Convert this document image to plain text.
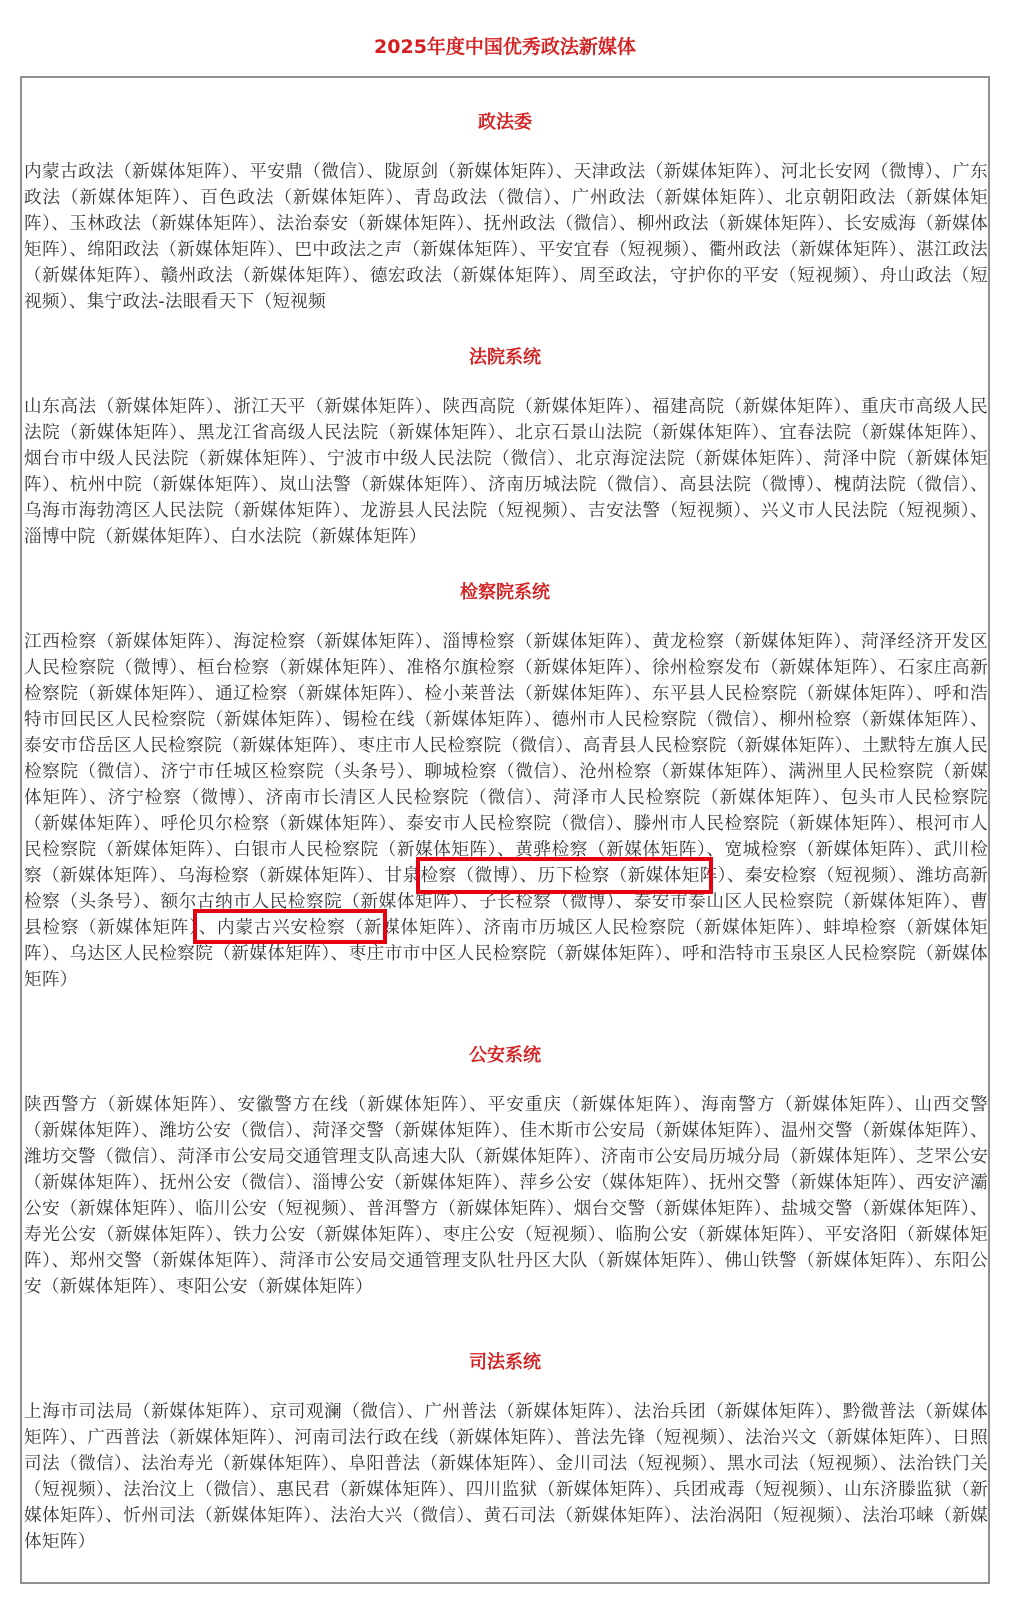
2025年度中国优秀政法新媒体
政法委
内蒙古政法（新媒体矩阵）、平安鼎（微信）、陇原剑（新媒体矩阵）、天津政法（新媒体矩阵）、河北长安网（微博）、广东政法（新媒体矩阵）、百色政法（新媒体矩阵）、青岛政法（微信）、广州政法（新媒体矩阵）、北京朝阳政法（新媒体矩阵）、玉林政法（新媒体矩阵）、法治泰安（新媒体矩阵）、抚州政法（微信）、柳州政法（新媒体矩阵）、长安威海（新媒体矩阵）、绵阳政法（新媒体矩阵）、巴中政法之声（新媒体矩阵）、平安宜春（短视频）、衢州政法（新媒体矩阵）、湛江政法（新媒体矩阵）、赣州政法（新媒体矩阵）、德宏政法（新媒体矩阵）、周至政法，守护你的平安（短视频）、舟山政法（短视频）、集宁政法-法眼看天下（短视频
法院系统
山东高法（新媒体矩阵）、浙江天平（新媒体矩阵）、陕西高院（新媒体矩阵）、福建高院（新媒体矩阵）、重庆市高级人民法院（新媒体矩阵）、黑龙江省高级人民法院（新媒体矩阵）、北京石景山法院（新媒体矩阵）、宜春法院（新媒体矩阵）、烟台市中级人民法院（新媒体矩阵）、宁波市中级人民法院（微信）、北京海淀法院（新媒体矩阵）、菏泽中院（新媒体矩阵）、杭州中院（新媒体矩阵）、岚山法警（新媒体矩阵）、济南历城法院（微信）、高县法院（微博）、槐荫法院（微信）、乌海市海勃湾区人民法院（新媒体矩阵）、龙游县人民法院（短视频）、吉安法警（短视频）、兴义市人民法院（短视频）、淄博中院（新媒体矩阵）、白水法院（新媒体矩阵）
检察院系统
江西检察（新媒体矩阵）、海淀检察（新媒体矩阵）、淄博检察（新媒体矩阵）、黄龙检察（新媒体矩阵）、菏泽经济开发区人民检察院（微博）、桓台检察（新媒体矩阵）、准格尔旗检察（新媒体矩阵）、徐州检察发布（新媒体矩阵）、石家庄高新检察院（新媒体矩阵）、通辽检察（新媒体矩阵）、检小莱普法（新媒体矩阵）、东平县人民检察院（新媒体矩阵）、呼和浩特市回民区人民检察院（新媒体矩阵）、锡检在线（新媒体矩阵）、德州市人民检察院（微信）、柳州检察（新媒体矩阵）、泰安市岱岳区人民检察院（新媒体矩阵）、枣庄市人民检察院（微信）、高青县人民检察院（新媒体矩阵）、土默特左旗人民检察院（微信）、济宁市任城区检察院（头条号）、聊城检察（微信）、沧州检察（新媒体矩阵）、满洲里人民检察院（新媒体矩阵）、济宁检察（微博）、济南市长清区人民检察院（微信）、菏泽市人民检察院（新媒体矩阵）、包头市人民检察院（新媒体矩阵）、呼伦贝尔检察（新媒体矩阵）、泰安市人民检察院（微信）、滕州市人民检察院（新媒体矩阵）、根河市人民检察院（新媒体矩阵）、白银市人民检察院（新媒体矩阵）、黄骅检察（新媒体矩阵）、宽城检察（新媒体矩阵）、武川检察（新媒体矩阵）、乌海检察（新媒体矩阵）、甘泉检察（微博）、历下检察（新媒体矩阵）、秦安检察（短视频）、潍坊高新检察（头条号）、额尔古纳市人民检察院（新媒体矩阵）、子长检察（微博）、泰安市泰山区人民检察院（新媒体矩阵）、曹县检察（新媒体矩阵）、内蒙古兴安检察（新媒体矩阵）、济南市历城区人民检察院（新媒体矩阵）、蚌埠检察（新媒体矩阵）、乌达区人民检察院（新媒体矩阵）、枣庄市市中区人民检察院（新媒体矩阵）、呼和浩特市玉泉区人民检察院（新媒体矩阵）
公安系统
陕西警方（新媒体矩阵）、安徽警方在线（新媒体矩阵）、平安重庆（新媒体矩阵）、海南警方（新媒体矩阵）、山西交警（新媒体矩阵）、潍坊公安（微信）、菏泽交警（新媒体矩阵）、佳木斯市公安局（新媒体矩阵）、温州交警（新媒体矩阵）、潍坊交警（微信）、菏泽市公安局交通管理支队高速大队（新媒体矩阵）、济南市公安局历城分局（新媒体矩阵）、芝罘公安（新媒体矩阵）、抚州公安（微信）、淄博公安（新媒体矩阵）、萍乡公安（媒体矩阵）、抚州交警（新媒体矩阵）、西安浐灞公安（新媒体矩阵）、临川公安（短视频）、普洱警方（新媒体矩阵）、烟台交警（新媒体矩阵）、盐城交警（新媒体矩阵）、寿光公安（新媒体矩阵）、铁力公安（新媒体矩阵）、枣庄公安（短视频）、临朐公安（新媒体矩阵）、平安洛阳（新媒体矩阵）、郑州交警（新媒体矩阵）、菏泽市公安局交通管理支队牡丹区大队（新媒体矩阵）、佛山铁警（新媒体矩阵）、东阳公安（新媒体矩阵）、枣阳公安（新媒体矩阵）
司法系统
上海市司法局（新媒体矩阵）、京司观澜（微信）、广州普法（新媒体矩阵）、法治兵团（新媒体矩阵）、黔微普法（新媒体矩阵）、广西普法（新媒体矩阵）、河南司法行政在线（新媒体矩阵）、普法先锋（短视频）、法治兴文（新媒体矩阵）、日照司法（微信）、法治寿光（新媒体矩阵）、阜阳普法（新媒体矩阵）、金川司法（短视频）、黑水司法（短视频）、法治铁门关（短视频）、法治汶上（微信）、惠民君（新媒体矩阵）、四川监狱（新媒体矩阵）、兵团戒毒（短视频）、山东济滕监狱（新媒体矩阵）、忻州司法（新媒体矩阵）、法治大兴（微信）、黄石司法（新媒体矩阵）、法治涡阳（短视频）、法治邛崃（新媒体矩阵）
